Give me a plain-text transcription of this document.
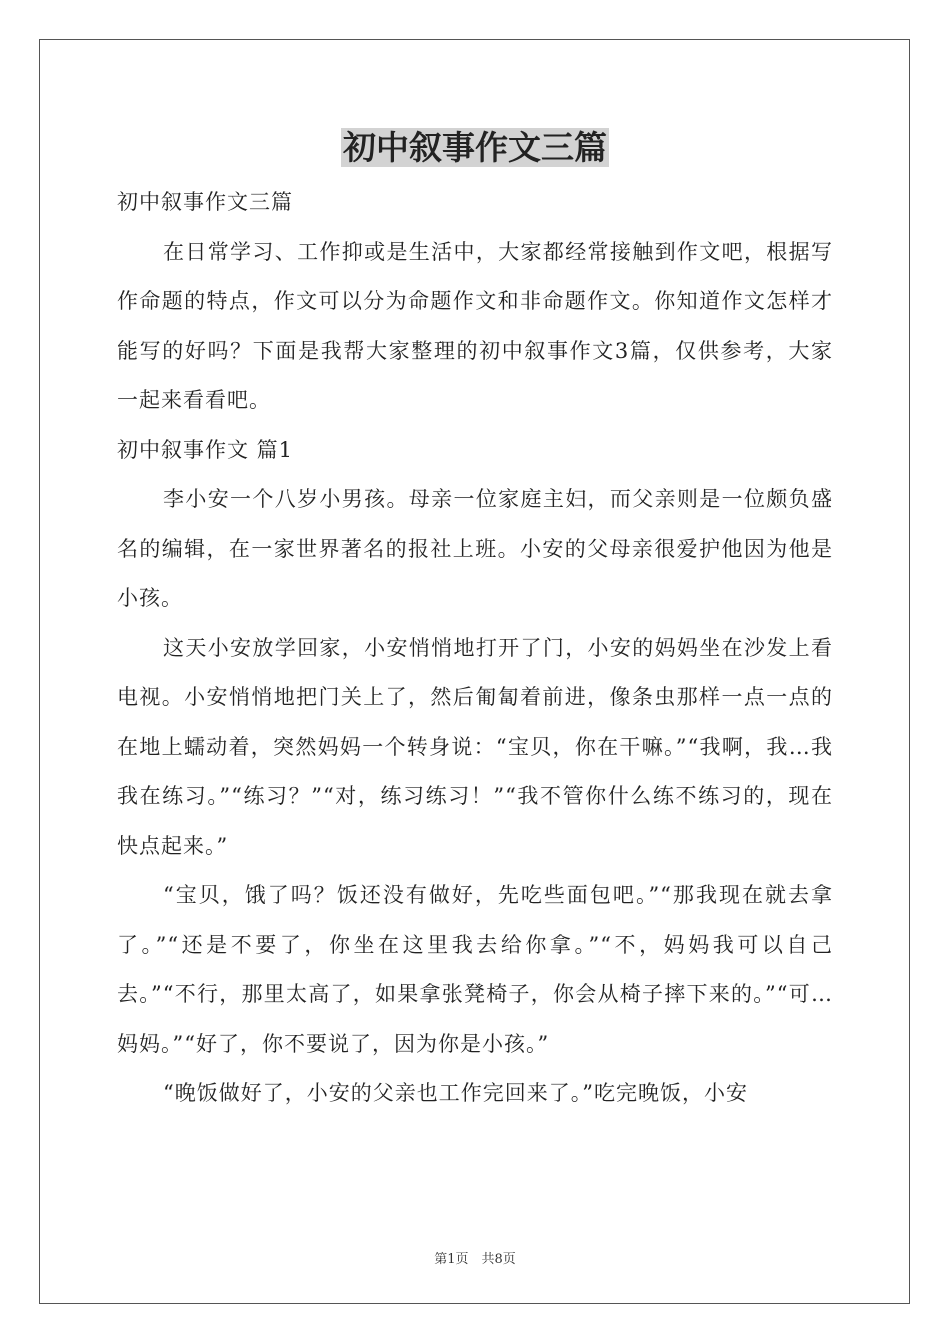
初中叙事作文三篇

初中叙事作文三篇

在日常学习、工作抑或是生活中，大家都经常接触到作文吧，根据写作命题的特点，作文可以分为命题作文和非命题作文。你知道作文怎样才能写的好吗？下面是我帮大家整理的初中叙事作文3篇，仅供参考，大家一起来看看吧。

初中叙事作文 篇1

李小安一个八岁小男孩。母亲一位家庭主妇，而父亲则是一位颇负盛名的编辑，在一家世界著名的报社上班。小安的父母亲很爱护他因为他是小孩。

这天小安放学回家，小安悄悄地打开了门，小安的妈妈坐在沙发上看电视。小安悄悄地把门关上了，然后匍匐着前进，像条虫那样一点一点的在地上蠕动着，突然妈妈一个转身说：“宝贝，你在干嘛。”“我啊，我…我我在练习。”“练习？”“对，练习练习！”“我不管你什么练不练习的，现在快点起来。”

“宝贝，饿了吗？饭还没有做好，先吃些面包吧。”“那我现在就去拿了。”“还是不要了，你坐在这里我去给你拿。”“不，妈妈我可以自己去。”“不行，那里太高了，如果拿张凳椅子，你会从椅子摔下来的。”“可…妈妈。”“好了，你不要说了，因为你是小孩。”

“晚饭做好了，小安的父亲也工作完回来了。”吃完晚饭，小安

第1页　共8页
